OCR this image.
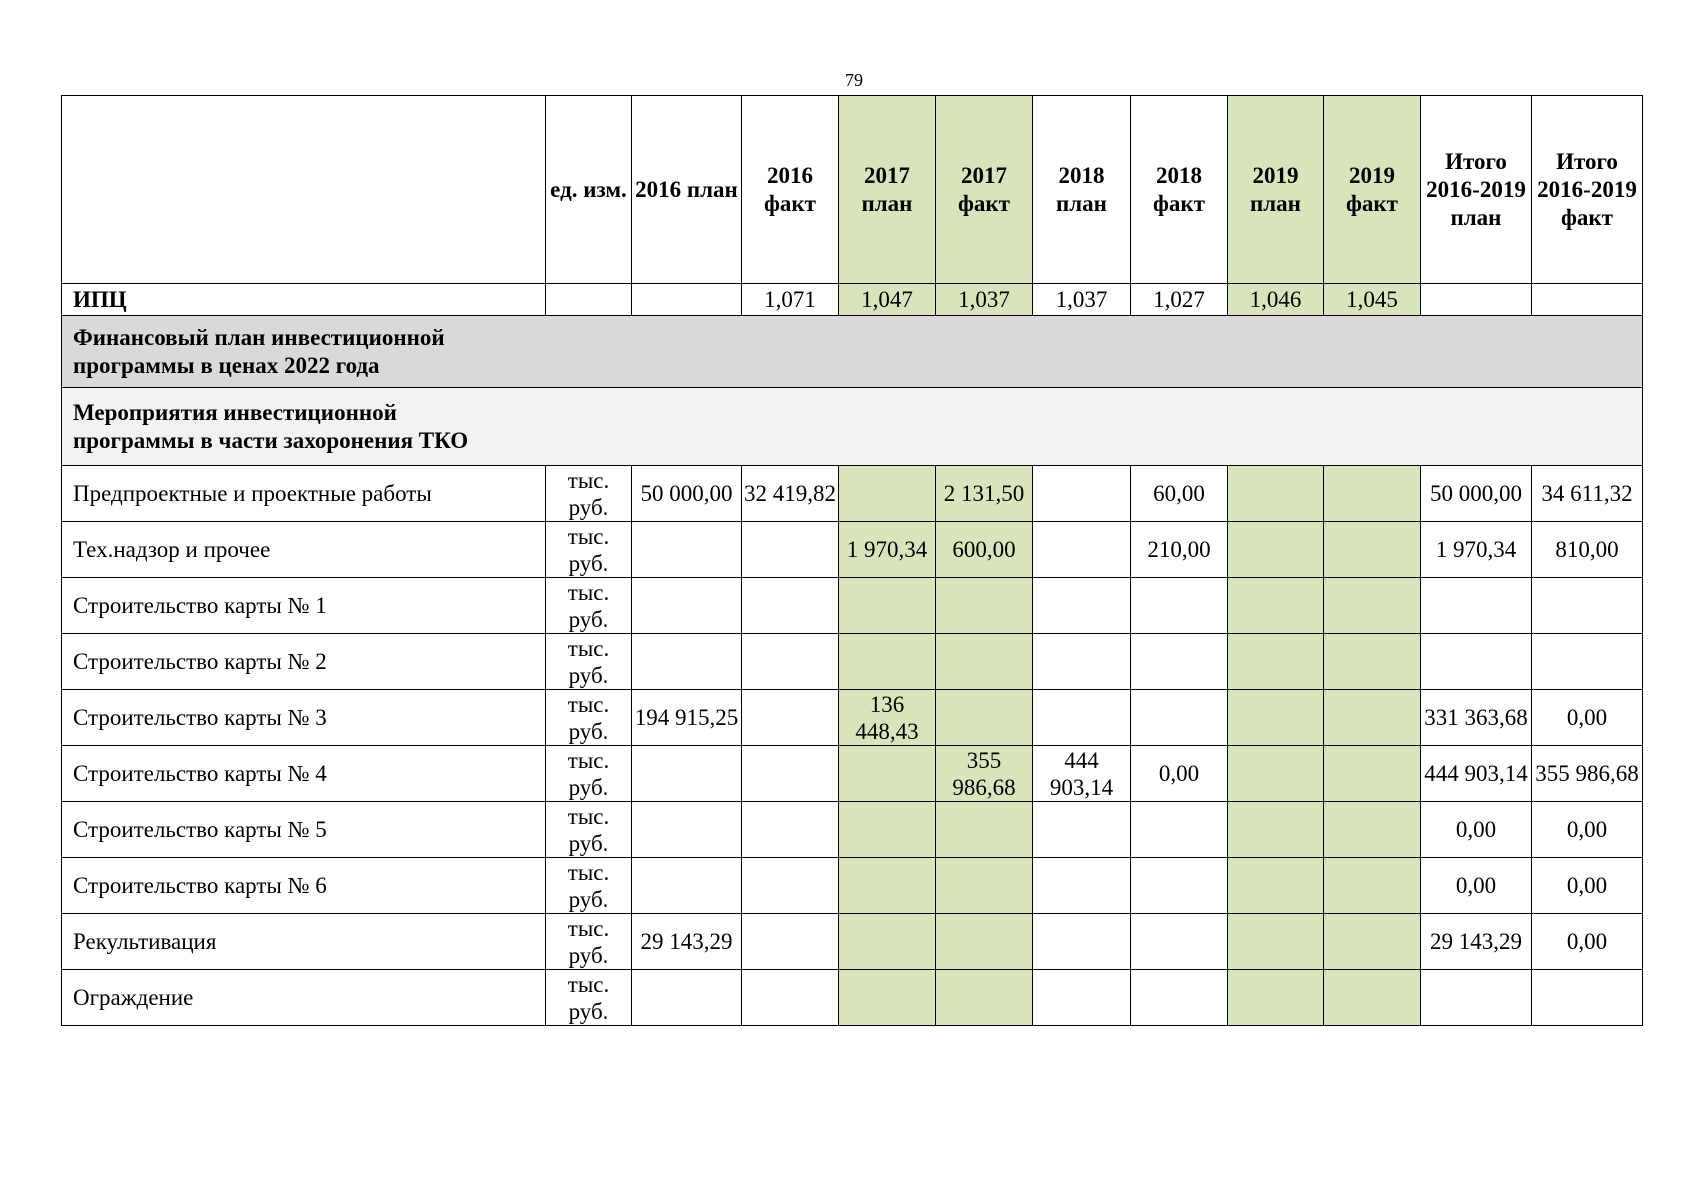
79
	ед. изм.	2016 план	2016 факт	2017 план	2017 факт	2018 план	2018 факт	2019 план	2019 факт	Итого 2016-2019 план	Итого 2016-2019 факт
ИПЦ			1,071	1,047	1,037	1,037	1,027	1,046	1,045		

Финансовый план инвестиционной программы в ценах 2022 года											

Мероприятия инвестиционной программы в части захоронения ТКО											

Предпроектные и проектные работы	тыс. руб.	50 000,00	32 419,82		2 131,50		60,00			50 000,00	34 611,32
Тех.надзор и прочее	тыс. руб.			1 970,34	600,00		210,00			1 970,34	810,00
Строительство карты № 1	тыс. руб.										
Строительство карты № 2	тыс. руб.										
Строительство карты № 3	тыс. руб.	194 915,25		136 448,43						331 363,68	0,00
Строительство карты № 4	тыс. руб.				355 986,68	444 903,14	0,00			444 903,14	355 986,68
Строительство карты № 5	тыс. руб.									0,00	0,00
Строительство карты № 6	тыс. руб.									0,00	0,00
Рекультивация	тыс. руб.	29 143,29								29 143,29	0,00
Ограждение	тыс. руб.										
